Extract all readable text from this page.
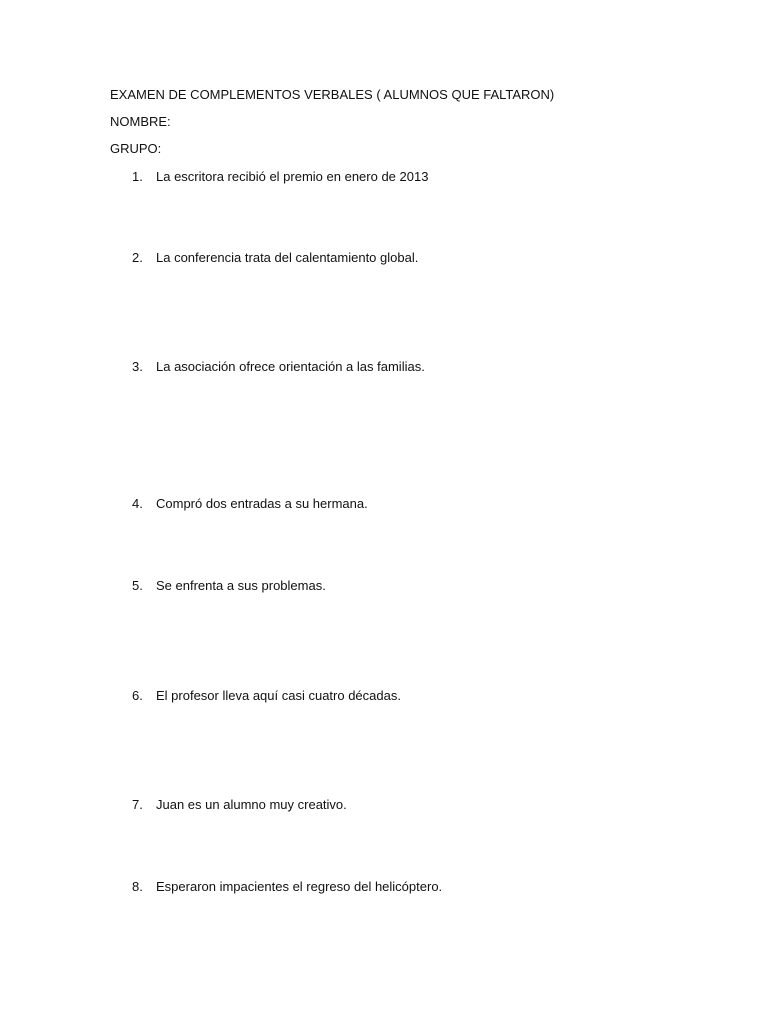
EXAMEN DE COMPLEMENTOS VERBALES ( ALUMNOS QUE FALTARON)
NOMBRE:
GRUPO:
1.	La escritora recibió el premio en enero de 2013
2.	La conferencia trata del calentamiento global.
3.	La asociación ofrece orientación a las familias.
4.	Compró dos entradas a su hermana.
5.	Se enfrenta a sus problemas.
6.	El profesor lleva aquí casi cuatro décadas.
7.	Juan es un alumno muy creativo.
8.	Esperaron impacientes el regreso del helicóptero.
